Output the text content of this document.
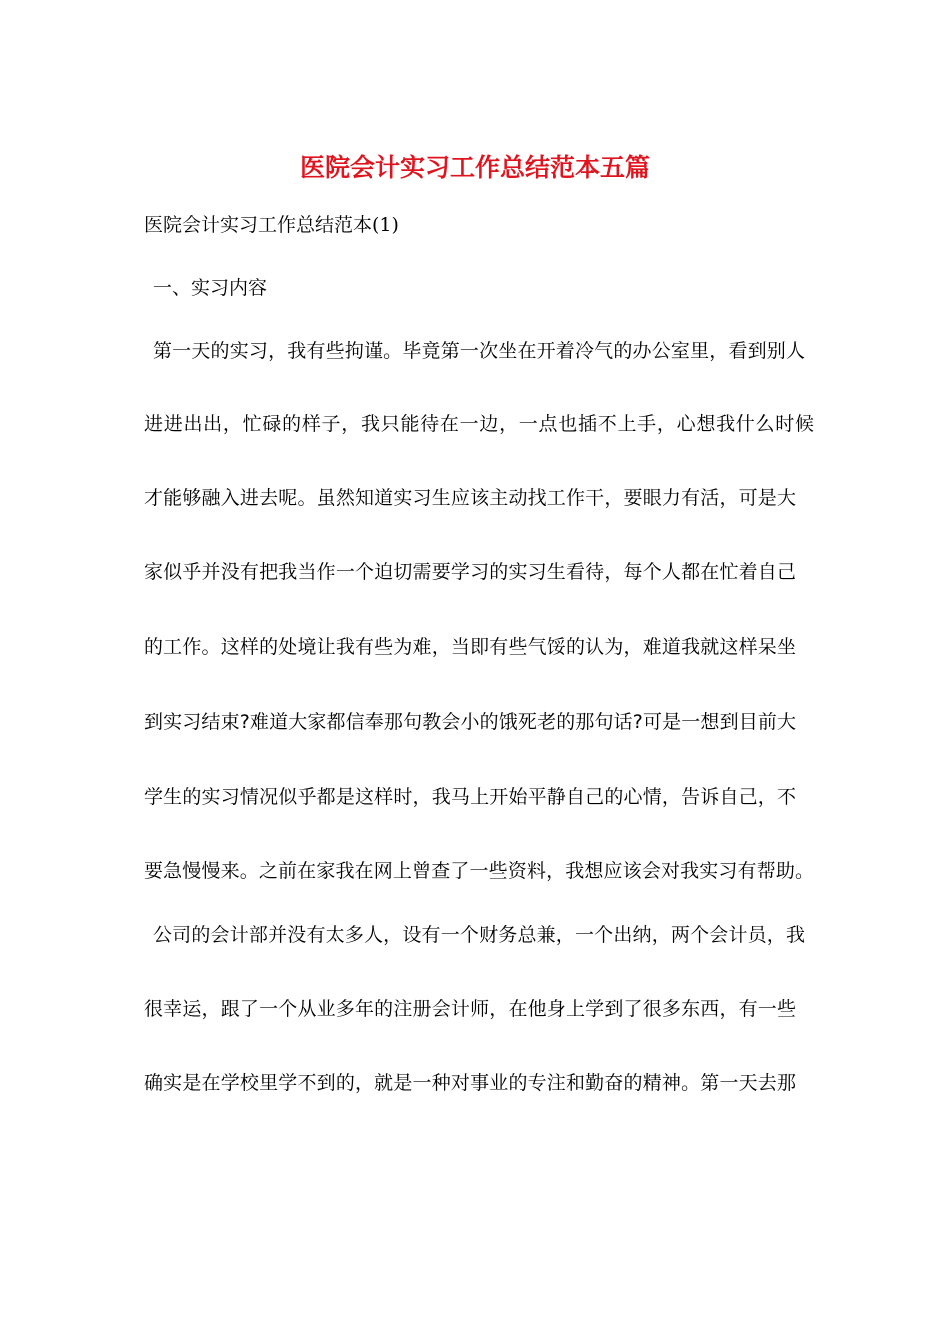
医院会计实习工作总结范本五篇
医院会计实习工作总结范本(1)
一、实习内容
第一天的实习，我有些拘谨。毕竟第一次坐在开着冷气的办公室里，看到别人
进进出出，忙碌的样子，我只能待在一边，一点也插不上手，心想我什么时候
才能够融入进去呢。虽然知道实习生应该主动找工作干，要眼力有活，可是大
家似乎并没有把我当作一个迫切需要学习的实习生看待，每个人都在忙着自己
的工作。这样的处境让我有些为难，当即有些气馁的认为，难道我就这样呆坐
到实习结束?难道大家都信奉那句教会小的饿死老的那句话?可是一想到目前大
学生的实习情况似乎都是这样时，我马上开始平静自己的心情，告诉自己，不
要急慢慢来。之前在家我在网上曾查了一些资料，我想应该会对我实习有帮助。
公司的会计部并没有太多人，设有一个财务总兼，一个出纳，两个会计员，我
很幸运，跟了一个从业多年的注册会计师，在他身上学到了很多东西，有一些
确实是在学校里学不到的，就是一种对事业的专注和勤奋的精神。第一天去那
